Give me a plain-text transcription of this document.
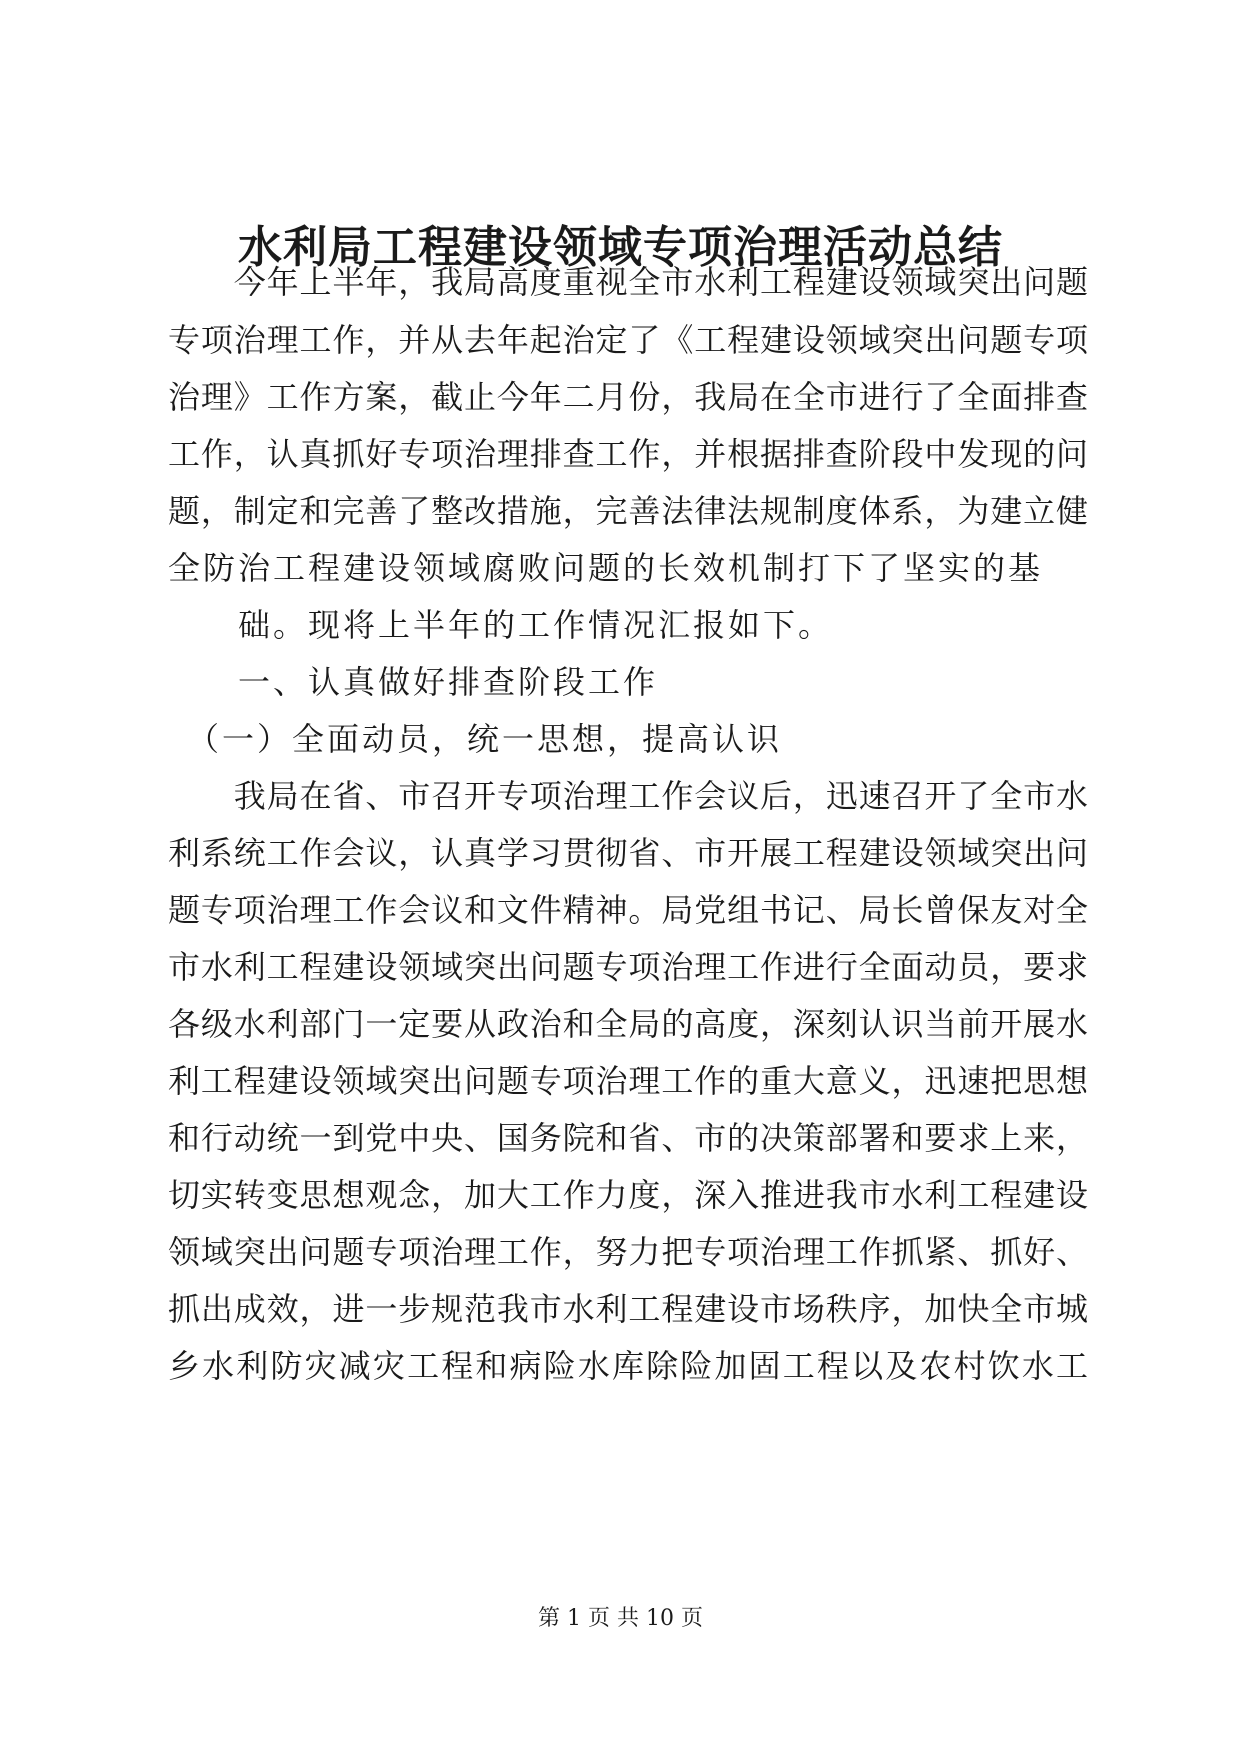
水利局工程建设领域专项治理活动总结
　　今年上半年，我局高度重视全市水利工程建设领域突出问题
专项治理工作，并从去年起治定了《工程建设领域突出问题专项
治理》工作方案，截止今年二月份，我局在全市进行了全面排查
工作，认真抓好专项治理排查工作，并根据排查阶段中发现的问
题，制定和完善了整改措施，完善法律法规制度体系，为建立健
全防治工程建设领域腐败问题的长效机制打下了坚实的基
　　础。现将上半年的工作情况汇报如下。
　　一、认真做好排查阶段工作
　（一）全面动员，统一思想，提高认识
　　我局在省、市召开专项治理工作会议后，迅速召开了全市水
利系统工作会议，认真学习贯彻省、市开展工程建设领域突出问
题专项治理工作会议和文件精神。局党组书记、局长曾保友对全
市水利工程建设领域突出问题专项治理工作进行全面动员，要求
各级水利部门一定要从政治和全局的高度，深刻认识当前开展水
利工程建设领域突出问题专项治理工作的重大意义，迅速把思想
和行动统一到党中央、国务院和省、市的决策部署和要求上来，
切实转变思想观念，加大工作力度，深入推进我市水利工程建设
领域突出问题专项治理工作，努力把专项治理工作抓紧、抓好、
抓出成效，进一步规范我市水利工程建设市场秩序，加快全市城
乡水利防灾减灾工程和病险水库除险加固工程以及农村饮水工
第 1 页 共 10 页
